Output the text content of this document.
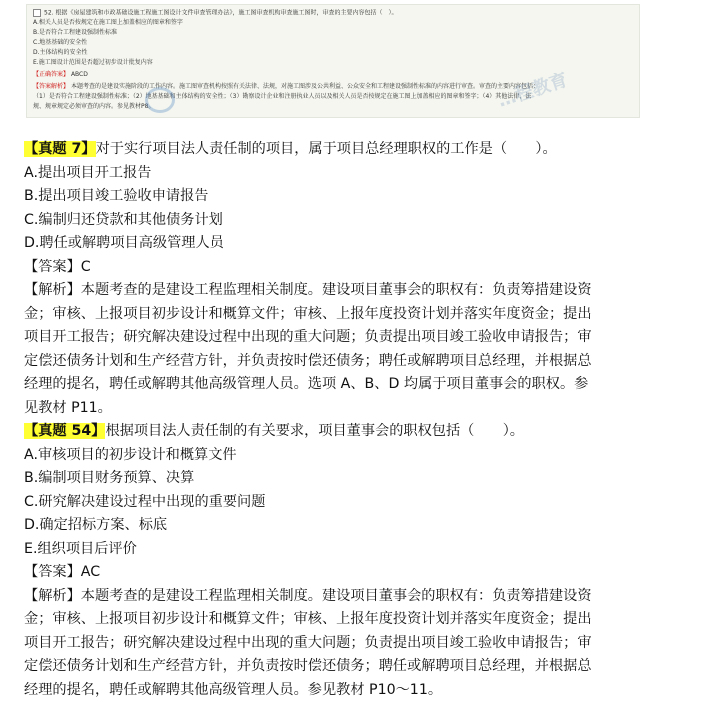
52. 根据《房屋建筑和市政基础设施工程施工图设计文件审查管理办法》，施工图审查机构审查施工图时，审查的主要内容包括（　）。
A.相关人员是否按规定在施工图上加盖相应的图章和签字
B.是否符合工程建设强制性标准
C.地基基础的安全性
D.主体结构的安全性
E.施工图设计范围是否超过初步设计批复内容
【正确答案】 ABCD
【答案解析】 本题考查的是建设实施阶段的工作内容。施工图审查机构按照有关法律、法规，对施工图涉及公共利益、公众安全和工程建设强制性标准的内容进行审查。审查的主要内容包括：
（1）是否符合工程建设强制性标准；（2）地基基础和主体结构的安全性；（3）勘察设计企业和注册执业人员以及相关人员是否按规定在施工图上加盖相应的图章和签字；（4）其他法律、法
规、规章规定必须审查的内容。参见教材P8。	…程教育
【真题 7】对于实行项目法人责任制的项目，属于项目总经理职权的工作是（　　）。
A.提出项目开工报告
B.提出项目竣工验收申请报告
C.编制归还贷款和其他债务计划
D.聘任或解聘项目高级管理人员
【答案】C
【解析】本题考查的是建设工程监理相关制度。建设项目董事会的职权有：负责筹措建设资
金；审核、上报项目初步设计和概算文件；审核、上报年度投资计划并落实年度资金；提出
项目开工报告；研究解决建设过程中出现的重大问题；负责提出项目竣工验收申请报告；审
定偿还债务计划和生产经营方针，并负责按时偿还债务；聘任或解聘项目总经理，并根据总
经理的提名，聘任或解聘其他高级管理人员。选项 A、B、D 均属于项目董事会的职权。参
见教材 P11。
【真题 54】根据项目法人责任制的有关要求，项目董事会的职权包括（　　）。
A.审核项目的初步设计和概算文件
B.编制项目财务预算、决算
C.研究解决建设过程中出现的重要问题
D.确定招标方案、标底
E.组织项目后评价
【答案】AC
【解析】本题考查的是建设工程监理相关制度。建设项目董事会的职权有：负责筹措建设资
金；审核、上报项目初步设计和概算文件；审核、上报年度投资计划并落实年度资金；提出
项目开工报告；研究解决建设过程中出现的重大问题；负责提出项目竣工验收申请报告；审
定偿还债务计划和生产经营方针，并负责按时偿还债务；聘任或解聘项目总经理，并根据总
经理的提名，聘任或解聘其他高级管理人员。参见教材 P10～11。
